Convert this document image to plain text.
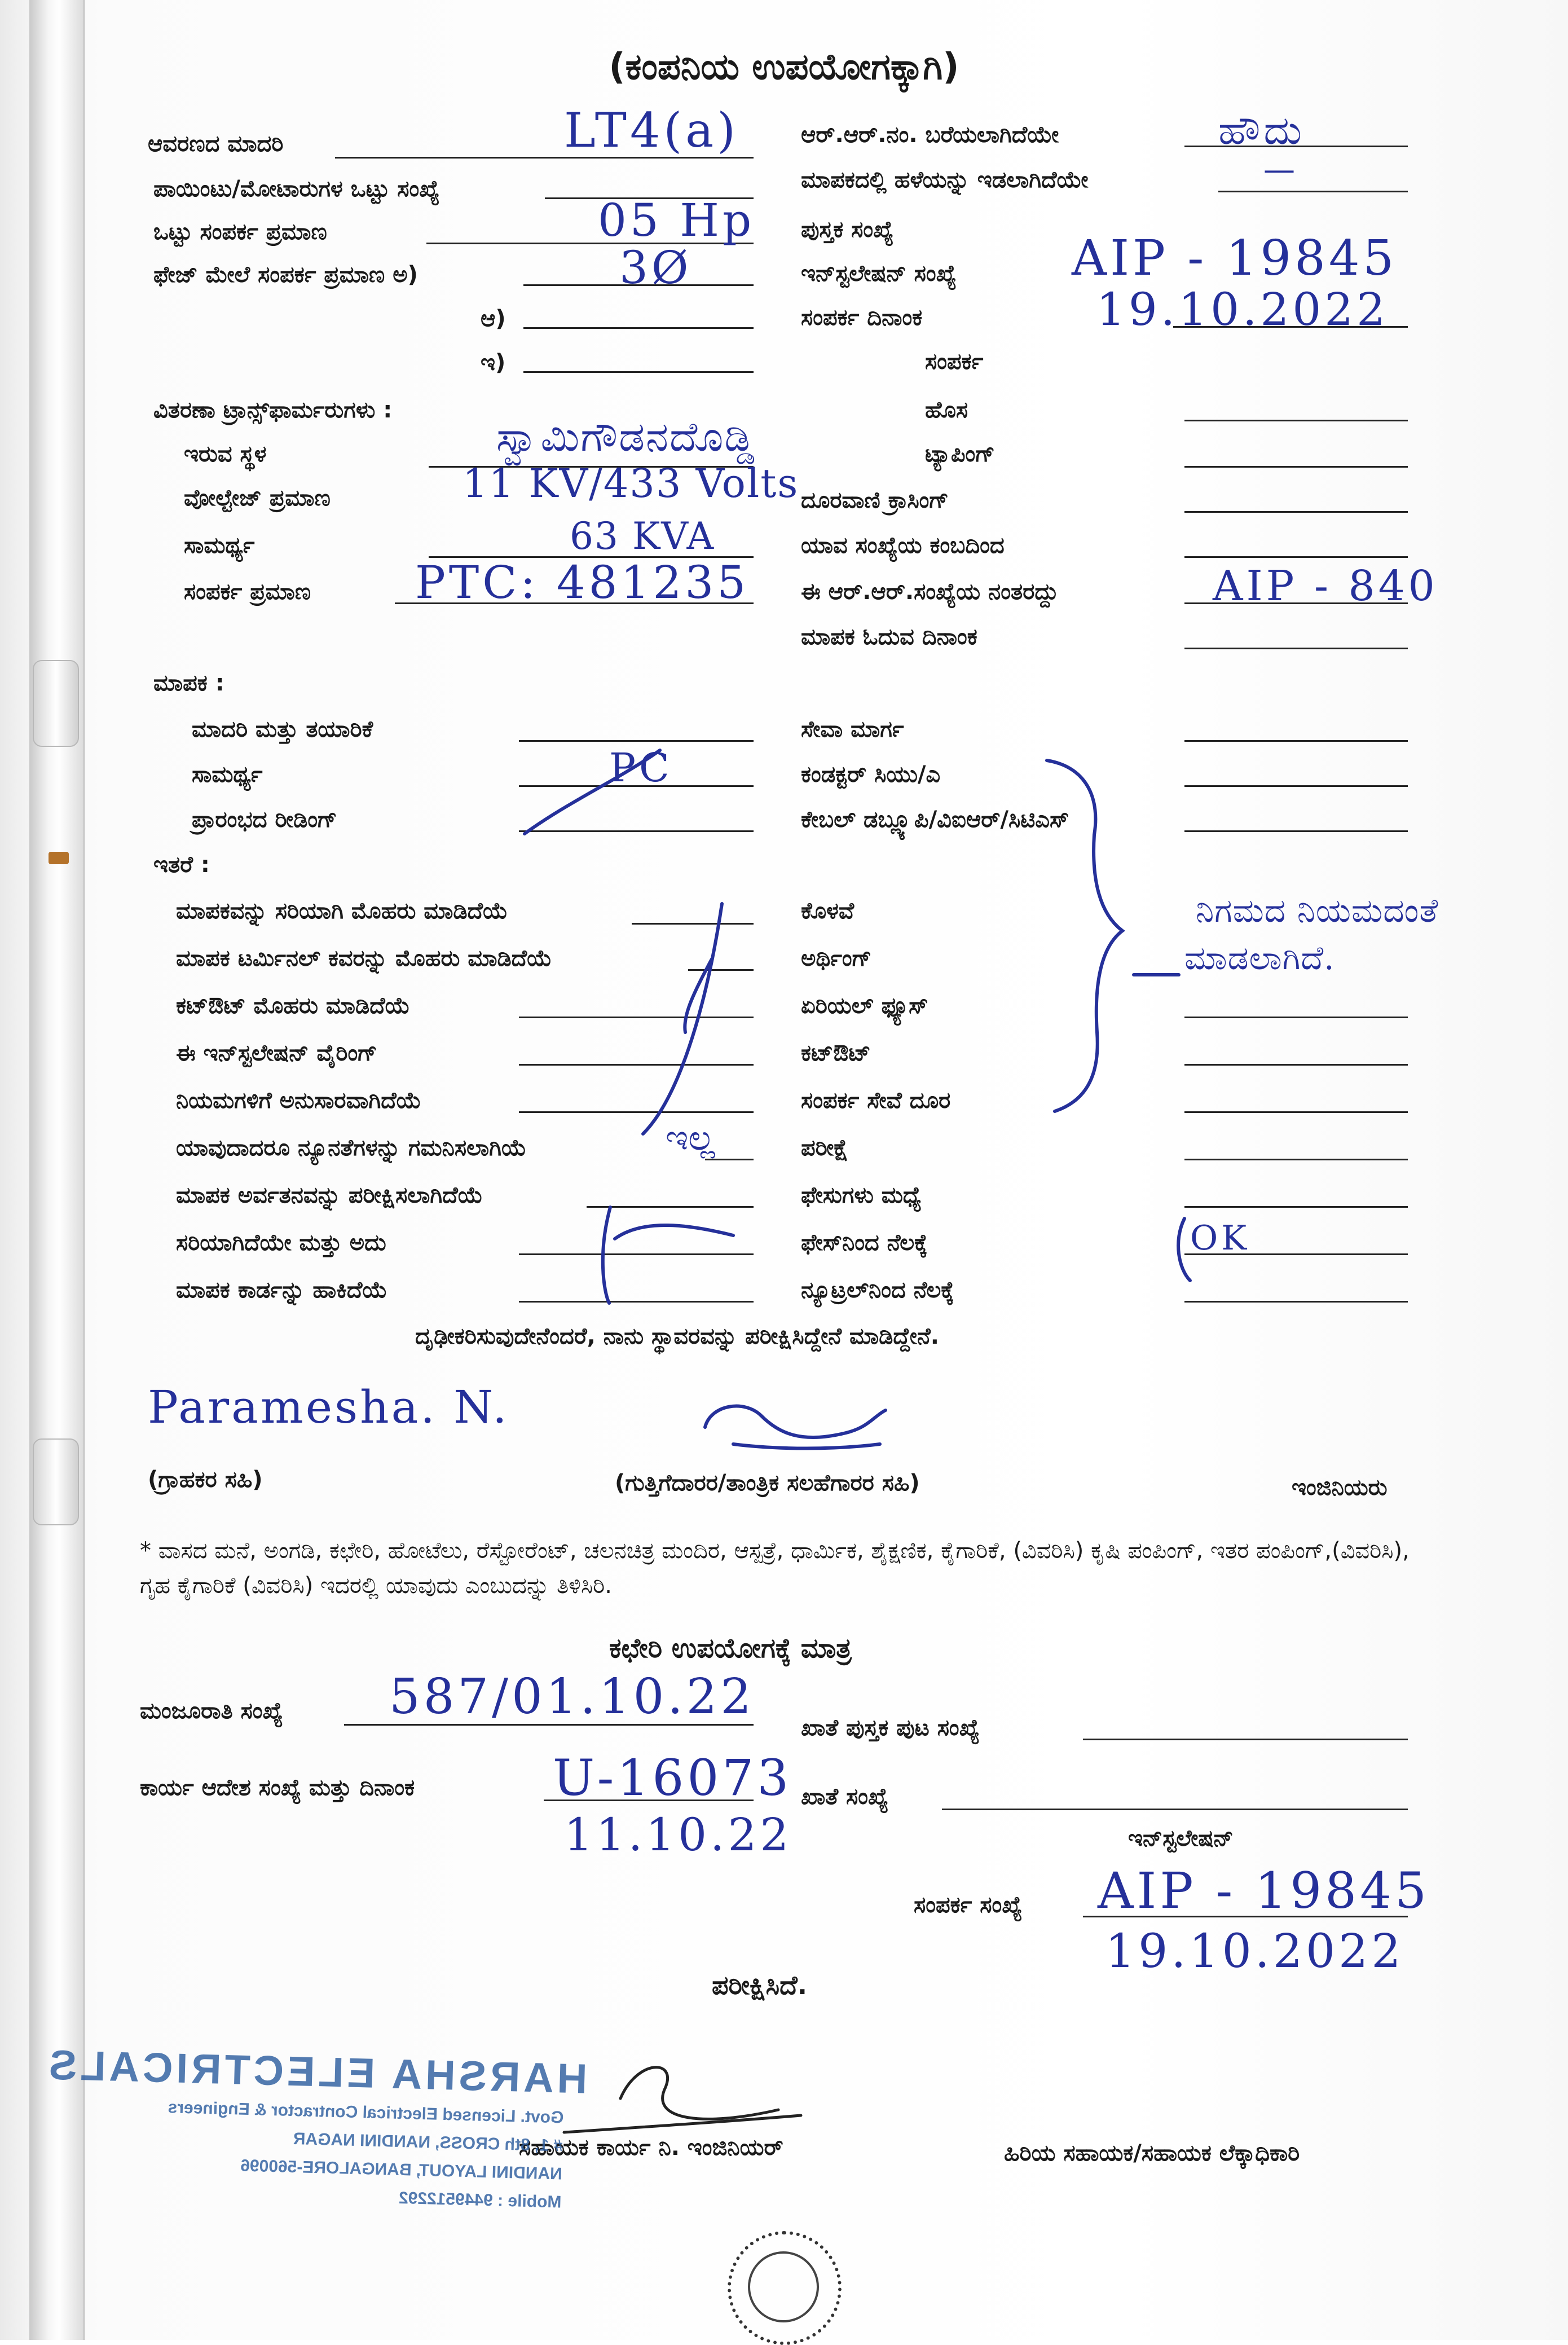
(ಕಂಪನಿಯ ಉಪಯೋಗಕ್ಕಾಗಿ)
ಆವರಣದ ಮಾದರಿ	LT4(a)
ಪಾಯಿಂಟು/ಮೋಟಾರುಗಳ ಒಟ್ಟು ಸಂಖ್ಯೆ
ಒಟ್ಟು ಸಂಪರ್ಕ ಪ್ರಮಾಣ	05 Hp
ಫೇಜ್ ಮೇಲೆ ಸಂಪರ್ಕ ಪ್ರಮಾಣ ಅ)	3Ø
ಆ)
ಇ)
ಆರ್.ಆರ್.ನಂ. ಬರೆಯಲಾಗಿದೆಯೇ	ಹೌದು
ಮಾಪಕದಲ್ಲಿ ಹಳೆಯನ್ನು ಇಡಲಾಗಿದೆಯೇ	—
ಪುಸ್ತಕ ಸಂಖ್ಯೆ
ಇನ್‌ಸ್ಟಲೇಷನ್ ಸಂಖ್ಯೆ AIP - 19845
ಸಂಪರ್ಕ ದಿನಾಂಕ	19.10.2022
ಸಂಪರ್ಕ
ವಿತರಣಾ ಟ್ರಾನ್ಸ್‌ಫಾರ್ಮರುಗಳು :
ಇರುವ ಸ್ಥಳ	ಸ್ವಾಮಿಗೌಡನದೊಡ್ಡಿ
ವೋಲ್ಟೇಜ್ ಪ್ರಮಾಣ	11 KV/433 Volts
ಸಾಮರ್ಥ್ಯ	63 KVA
ಸಂಪರ್ಕ ಪ್ರಮಾಣ PTC: 481235
ಹೊಸ
ಟ್ಯಾಪಿಂಗ್
ದೂರವಾಣಿ ಕ್ರಾಸಿಂಗ್
ಯಾವ ಸಂಖ್ಯೆಯ ಕಂಬದಿಂದ
ಈ ಆರ್.ಆರ್.ಸಂಖ್ಯೆಯ ನಂತರದ್ದು	AIP - 840
ಮಾಪಕ ಓದುವ ದಿನಾಂಕ
ಮಾಪಕ :
ಮಾದರಿ ಮತ್ತು ತಯಾರಿಕೆ
ಸಾಮರ್ಥ್ಯ	PC
ಪ್ರಾರಂಭದ ರೀಡಿಂಗ್
ಸೇವಾ ಮಾರ್ಗ
ಕಂಡಕ್ಟರ್ ಸಿಯು/ಎ
ಕೇಬಲ್ ಡಬ್ಲ್ಯೂಪಿ/ವಿಐಆರ್/ಸಿಟಿಎಸ್
ಇತರೆ :
ಮಾಪಕವನ್ನು ಸರಿಯಾಗಿ ಮೊಹರು ಮಾಡಿದೆಯೆ
ಮಾಪಕ ಟರ್ಮಿನಲ್ ಕವರನ್ನು ಮೊಹರು ಮಾಡಿದೆಯೆ
ಕಟ್‌ಔಟ್ ಮೊಹರು ಮಾಡಿದೆಯೆ
ಈ ಇನ್‌ಸ್ಟಲೇಷನ್ ವೈರಿಂಗ್
ನಿಯಮಗಳಿಗೆ ಅನುಸಾರವಾಗಿದೆಯೆ
ಯಾವುದಾದರೂ ನ್ಯೂನತೆಗಳನ್ನು ಗಮನಿಸಲಾಗಿಯೆ	ಇಲ್ಲ
ಮಾಪಕ ಅರ್ವತನವನ್ನು ಪರೀಕ್ಷಿಸಲಾಗಿದೆಯೆ
ಸರಿಯಾಗಿದೆಯೇ ಮತ್ತು ಅದು
ಮಾಪಕ ಕಾರ್ಡನ್ನು ಹಾಕಿದೆಯೆ
ಕೊಳವೆ	ನಿಗಮದ ನಿಯಮದಂತೆ
ಅರ್ಥಿಂಗ್	ಮಾಡಲಾಗಿದೆ.
ಏರಿಯಲ್ ಫ್ಯೂಸ್
ಕಟ್‌ಔಟ್
ಸಂಪರ್ಕ ಸೇವೆ ದೂರ
ಪರೀಕ್ಷೆ
ಫೇಸುಗಳು ಮಧ್ಯೆ
ಫೇಸ್‌ನಿಂದ ನೆಲಕ್ಕೆ	OK
ನ್ಯೂಟ್ರಲ್‌ನಿಂದ ನೆಲಕ್ಕೆ
ದೃಢೀಕರಿಸುವುದೇನೆಂದರೆ, ನಾನು ಸ್ಥಾವರವನ್ನು ಪರೀಕ್ಷಿಸಿದ್ದೇನೆ ಮಾಡಿದ್ದೇನೆ.
Paramesha. N.
(ಗ್ರಾಹಕರ ಸಹಿ)	(ಗುತ್ತಿಗೆದಾರರ/ತಾಂತ್ರಿಕ ಸಲಹೆಗಾರರ ಸಹಿ)	ಇಂಜಿನಿಯರು
* ವಾಸದ ಮನೆ, ಅಂಗಡಿ, ಕಛೇರಿ, ಹೋಟೆಲು, ರೆಸ್ಟೋರೆಂಟ್, ಚಲನಚಿತ್ರ ಮಂದಿರ, ಆಸ್ಪತ್ರೆ, ಧಾರ್ಮಿಕ, ಶೈಕ್ಷಣಿಕ, ಕೈಗಾರಿಕೆ, (ವಿವರಿಸಿ) ಕೃಷಿ ಪಂಪಿಂಗ್, ಇತರ ಪಂಪಿಂಗ್,(ವಿವರಿಸಿ), ಗೃಹ ಕೈಗಾರಿಕೆ (ವಿವರಿಸಿ) ಇದರಲ್ಲಿ ಯಾವುದು ಎಂಬುದನ್ನು ತಿಳಿಸಿರಿ.
ಕಛೇರಿ ಉಪಯೋಗಕ್ಕೆ ಮಾತ್ರ
ಮಂಜೂರಾತಿ ಸಂಖ್ಯೆ 587/01.10.22
ಖಾತೆ ಪುಸ್ತಕ ಪುಟ ಸಂಖ್ಯೆ
ಕಾರ್ಯ ಆದೇಶ ಸಂಖ್ಯೆ ಮತ್ತು ದಿನಾಂಕ	U-16073
11.10.22
ಖಾತೆ ಸಂಖ್ಯೆ
ಇನ್‌ಸ್ಟಲೇಷನ್
ಸಂಪರ್ಕ ಸಂಖ್ಯೆ AIP - 19845
19.10.2022
ಪರೀಕ್ಷಿಸಿದೆ.
ಸಹಾಯಕ ಕಾರ್ಯ ನಿ. ಇಂಜಿನಿಯರ್	ಹಿರಿಯ ಸಹಾಯಕ/ಸಹಾಯಕ ಲೆಕ್ಕಾಧಿಕಾರಿ
HARSHA ELECTRICALS
Govt. Licensed Electrical Contractor & Engineers
# 1, 8th CROSS, NANDINI NAGAR
NANDINI LAYOUT, BANGALORE-560096
Mobile : 9449512292
